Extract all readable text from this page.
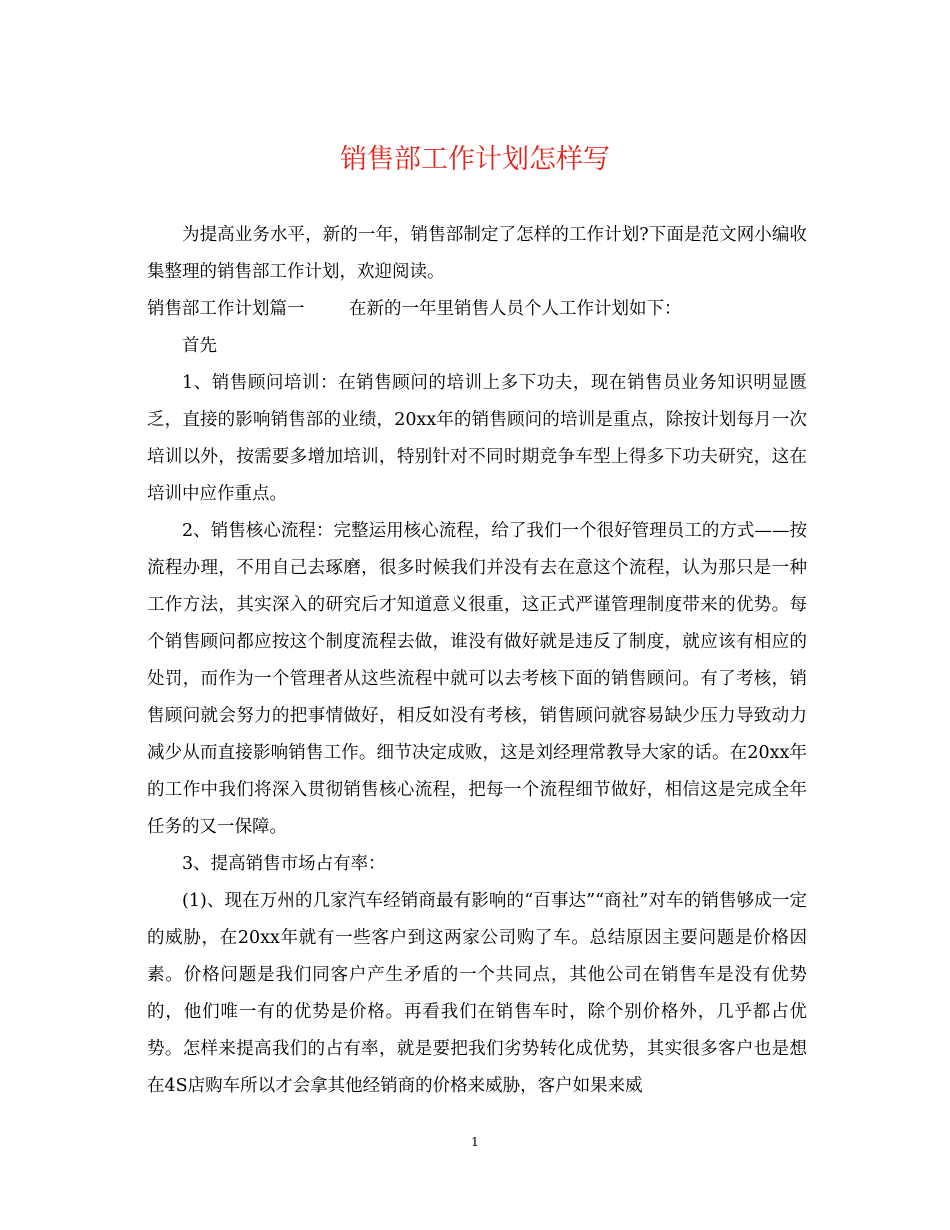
销售部工作计划怎样写

为提高业务水平，新的一年，销售部制定了怎样的工作计划?下面是范文网小编收集整理的销售部工作计划，欢迎阅读。

销售部工作计划篇一        在新的一年里销售人员个人工作计划如下：

首先

1、销售顾问培训：在销售顾问的培训上多下功夫，现在销售员业务知识明显匮乏，直接的影响销售部的业绩，20xx年的销售顾问的培训是重点，除按计划每月一次培训以外，按需要多增加培训，特别针对不同时期竞争车型上得多下功夫研究，这在培训中应作重点。

2、销售核心流程：完整运用核心流程，给了我们一个很好管理员工的方式——按流程办理，不用自己去琢磨，很多时候我们并没有去在意这个流程，认为那只是一种工作方法，其实深入的研究后才知道意义很重，这正式严谨管理制度带来的优势。每个销售顾问都应按这个制度流程去做，谁没有做好就是违反了制度，就应该有相应的处罚，而作为一个管理者从这些流程中就可以去考核下面的销售顾问。有了考核，销售顾问就会努力的把事情做好，相反如没有考核，销售顾问就容易缺少压力导致动力减少从而直接影响销售工作。细节决定成败，这是刘经理常教导大家的话。在20xx年的工作中我们将深入贯彻销售核心流程，把每一个流程细节做好，相信这是完成全年任务的又一保障。

3、提高销售市场占有率：

(1)、现在万州的几家汽车经销商最有影响的“百事达”“商社”对车的销售够成一定的威胁，在20xx年就有一些客户到这两家公司购了车。总结原因主要问题是价格因素。价格问题是我们同客户产生矛盾的一个共同点，其他公司在销售车是没有优势的，他们唯一有的优势是价格。再看我们在销售车时，除个别价格外，几乎都占优势。怎样来提高我们的占有率，就是要把我们劣势转化成优势，其实很多客户也是想在4S店购车所以才会拿其他经销商的价格来威胁，客户如果来威

1
